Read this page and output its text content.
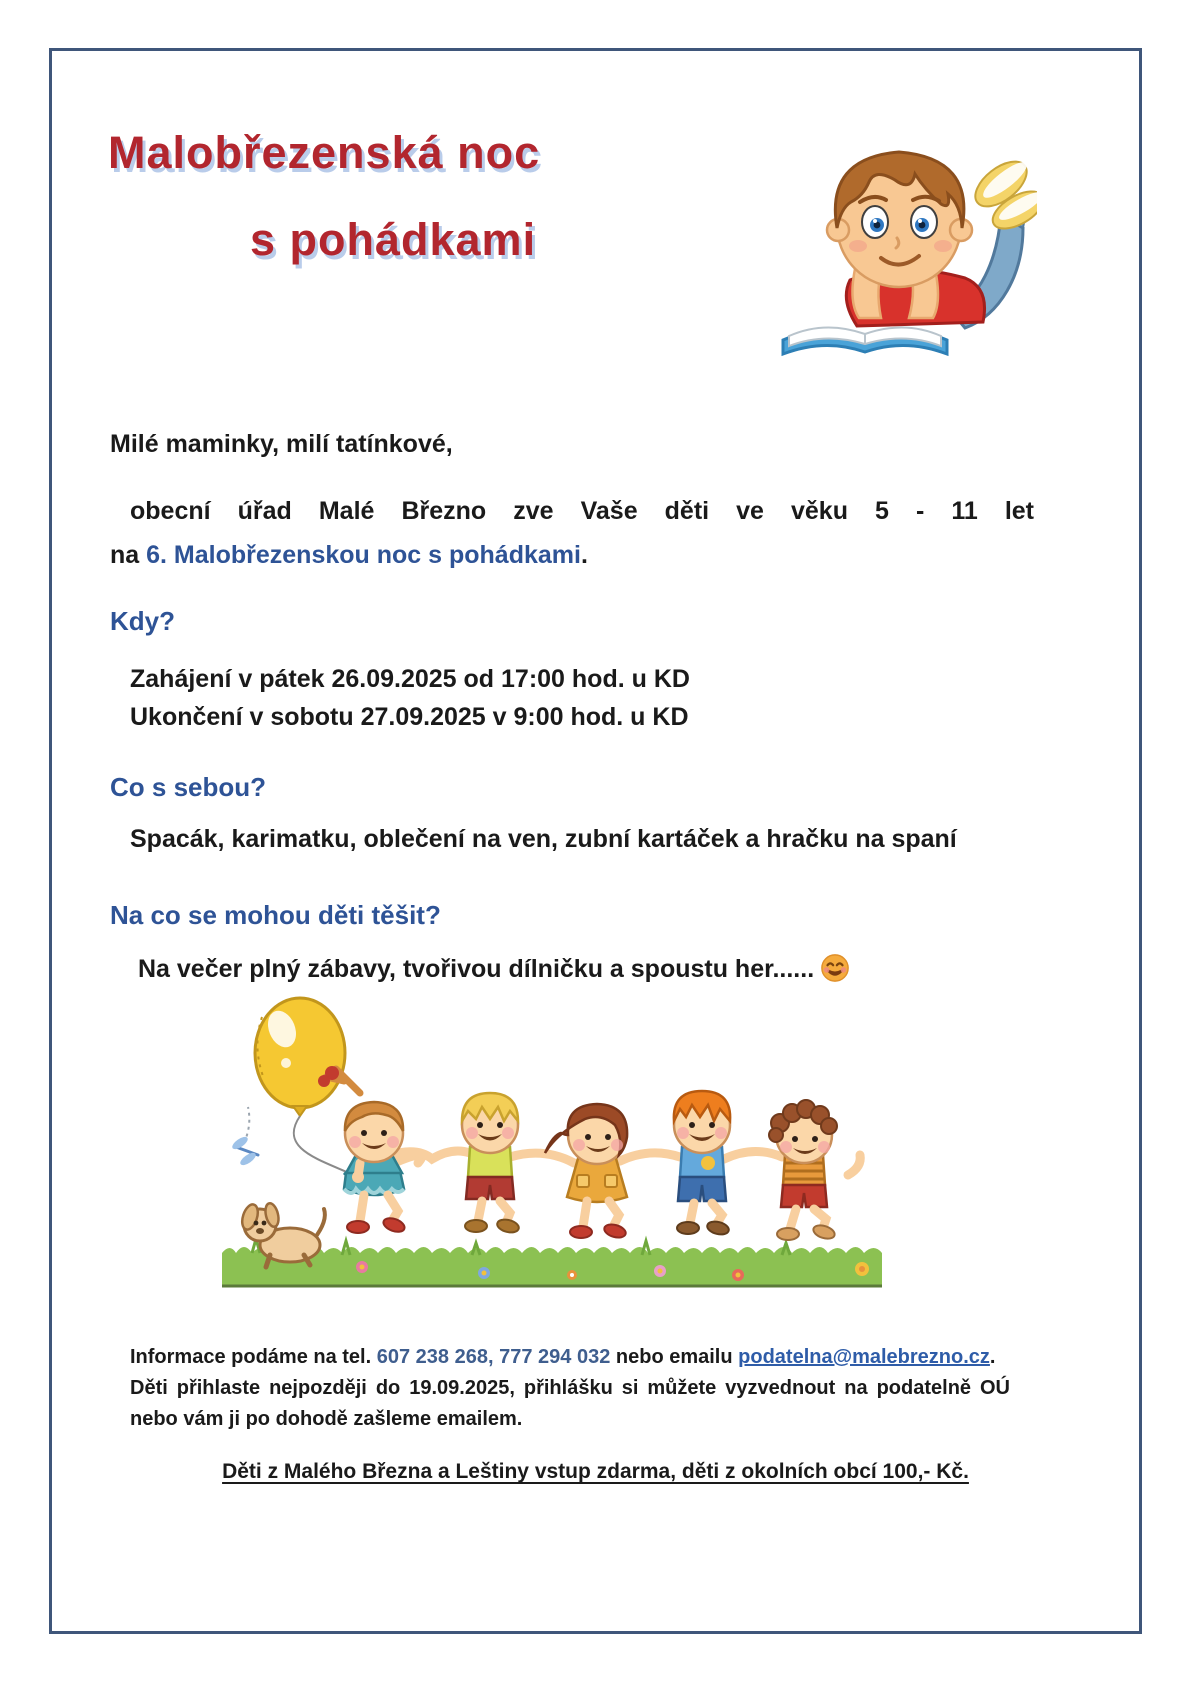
Malobřezenská noc
s pohádkami
Milé maminky, milí tatínkové,
obecní úřad Malé Březno zve Vaše děti ve věku 5 - 11 let
na 6. Malobřezenskou noc s pohádkami.
Kdy?
Zahájení v pátek 26.09.2025 od 17:00 hod. u KD
Ukončení v sobotu 27.09.2025 v 9:00 hod. u KD
Co s sebou?
Spacák, karimatku, oblečení na ven, zubní kartáček a hračku na spaní
Na co se mohou děti těšit?
Na večer plný zábavy, tvořivou dílničku a spoustu her......
Informace podáme na tel. 607 238 268, 777 294 032 nebo emailu podatelna@malebrezno.cz.
Děti přihlaste nejpozději do 19.09.2025, přihlášku si můžete vyzvednout na podatelně OÚ nebo vám ji po dohodě zašleme emailem.
Děti z Malého Března a Leštiny vstup zdarma, děti z okolních obcí 100,- Kč.
